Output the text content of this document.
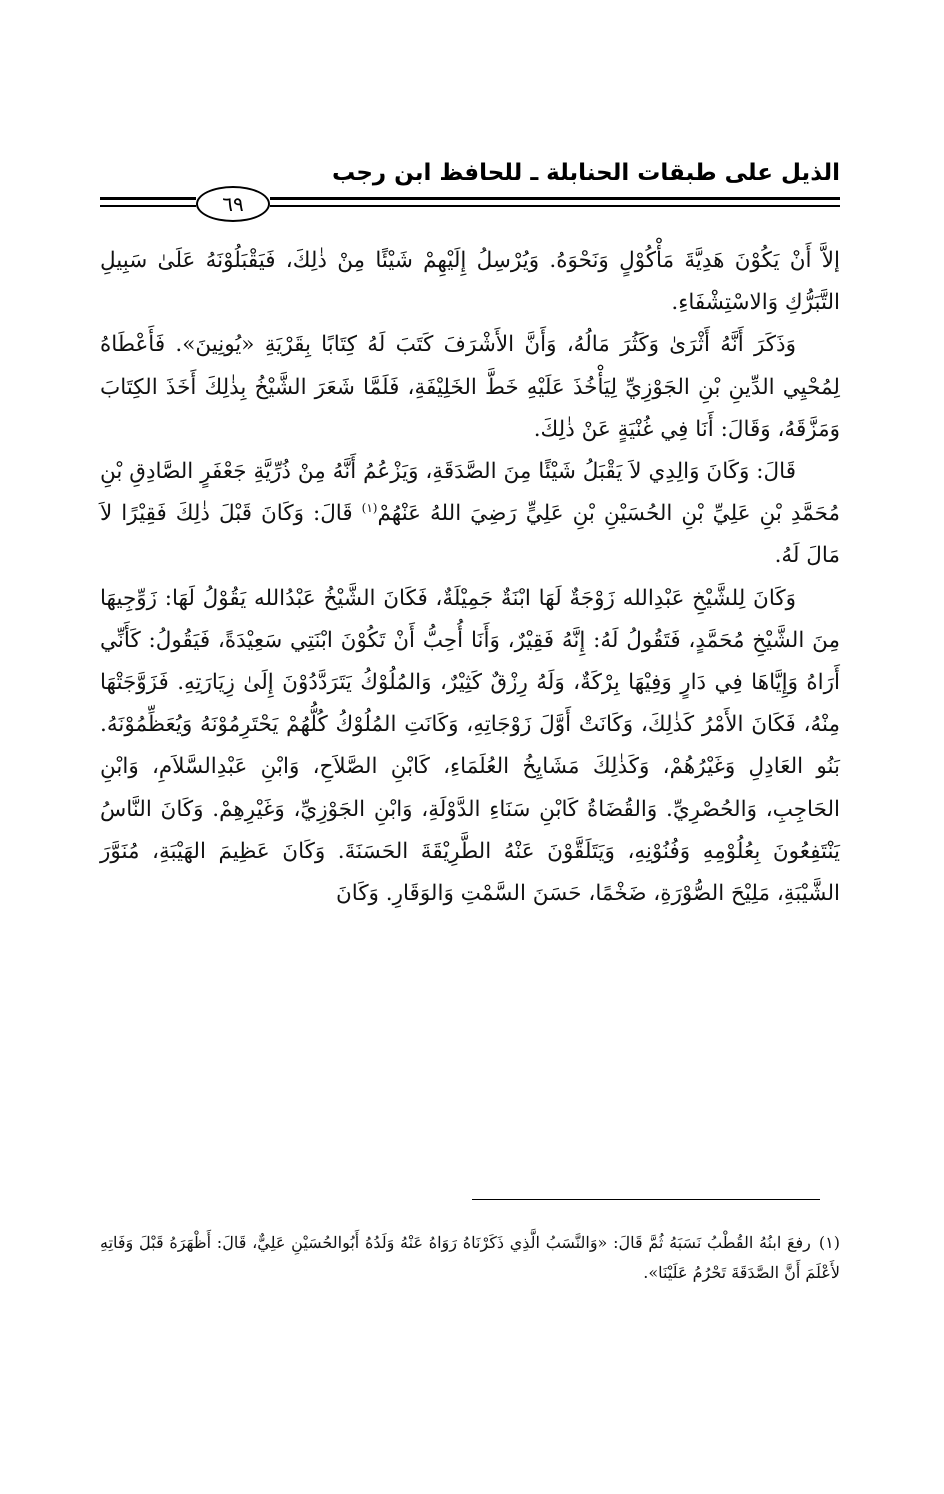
الذيل على طبقات الحنابلة ـ للحافظ ابن رجب
٦٩

إلاَّ أَنْ يَكُوْنَ هَدِيَّةَ مَأْكُوْلٍ وَنَحْوَهُ. وَيُرْسِلُ إِلَيْهِمْ شَيْئًا مِنْ ذٰلِكَ، فَيَقْبَلُوْنَهُ عَلَىٰ سَبِيلِ التَّبَرُّكِ وَالاسْتِشْفَاءِ.

وَذَكَرَ أَنَّهُ أَثْرَىٰ وَكَثُرَ مَالُهُ، وَأَنَّ الأَشْرَفَ كَتَبَ لَهُ كِتَابًا بِقَرْيَةِ «يُونِينَ». فَأَعْطَاهُ لِمُحْيِي الدِّينِ بْنِ الجَوْزِيِّ لِيَأْخُذَ عَلَيْهِ خَطَّ الخَلِيْفَةِ، فَلَمَّا شَعَرَ الشَّيْخُ بِذٰلِكَ أَخَذَ الكِتَابَ وَمَزَّقَهُ، وَقَالَ: أَنَا فِي غُنْيَةٍ عَنْ ذٰلِكَ.

قَالَ: وَكَانَ وَالِدِي لاَ يَقْبَلُ شَيْئًا مِنَ الصَّدَقَةِ، وَيَزْعُمُ أَنَّهُ مِنْ ذُرِّيَّةِ جَعْفَرٍ الصَّادِقِ بْنِ مُحَمَّدِ بْنِ عَلِيِّ بْنِ الحُسَيْنِ بْنِ عَلِيٍّ رَضِيَ اللهُ عَنْهُمْ$^{(١)}$ قَالَ: وَكَانَ قَبْلَ ذٰلِكَ فَقِيْرًا لاَ مَالَ لَهُ.

وَكَانَ لِلشَّيْخِ عَبْدِالله زَوْجَةٌ لَهَا ابْنَةٌ جَمِيْلَةٌ، فَكَانَ الشَّيْخُ عَبْدُالله يَقُوْلُ لَهَا: زَوِّجِيهَا مِنَ الشَّيْخِ مُحَمَّدٍ، فَتَقُولُ لَهُ: إِنَّهُ فَقِيْرٌ، وَأَنَا أُحِبُّ أَنْ تَكُوْنَ ابْنَتِي سَعِيْدَةً، فَيَقُولُ: كَأَنِّي أَرَاهُ وَإِيَّاهَا فِي دَارٍ وَفِيْهَا بِرْكَةٌ، وَلَهُ رِزْقٌ كَثِيْرٌ، وَالمُلُوْكُ يَتَرَدَّدُوْنَ إِلَىٰ زِيَارَتِهِ. فَزَوَّجَتْهَا مِنْهُ، فَكَانَ الأَمْرُ كَذٰلِكَ، وَكَانَتْ أَوَّلَ زَوْجَاتِهِ، وَكَانَتِ المُلُوْكُ كُلُّهُمْ يَحْتَرِمُوْنَهُ وَيُعَظِّمُوْنَهُ. بَنُو العَادِلِ وَغَيْرُهُمْ، وَكَذٰلِكَ مَشَايِخُ العُلَمَاءِ، كَابْنِ الصَّلاَحِ، وَابْنِ عَبْدِالسَّلاَمِ، وَابْنِ الحَاجِبِ، وَالحُصْرِيِّ. وَالقُضَاةُ كَابْنِ سَنَاءِ الدَّوْلَةِ، وَابْنِ الجَوْزِيِّ، وَغَيْرِهِمْ. وَكَانَ النَّاسُ يَنْتَفِعُونَ بِعُلُوْمِهِ وَفُنُوْنِهِ، وَيَتَلَقَّوْنَ عَنْهُ الطَّرِيْقَةَ الحَسَنَةَ. وَكَانَ عَظِيمَ الهَيْبَةِ، مُنَوَّرَ الشَّيْبَةِ، مَلِيْحَ الصُّوْرَةِ، ضَخْمًا، حَسَنَ السَّمْتِ وَالوَقَارِ. وَكَانَ

(١)رفعَ ابنُهُ القُطْبُ نَسَبَهُ ثُمَّ قَالَ: «وَالنَّسَبُ الَّذِي ذَكَرْنَاهُ رَوَاهُ عَنْهُ وَلَدُهُ أَبُوالحُسَيْنِ عَلِيٌّ، قَالَ: أَظْهَرَهُ قَبْلَ وَفَاتِهِ لأَعْلَمَ أَنَّ الصَّدَقَةَ تَحْرُمُ عَلَيْنَا».
